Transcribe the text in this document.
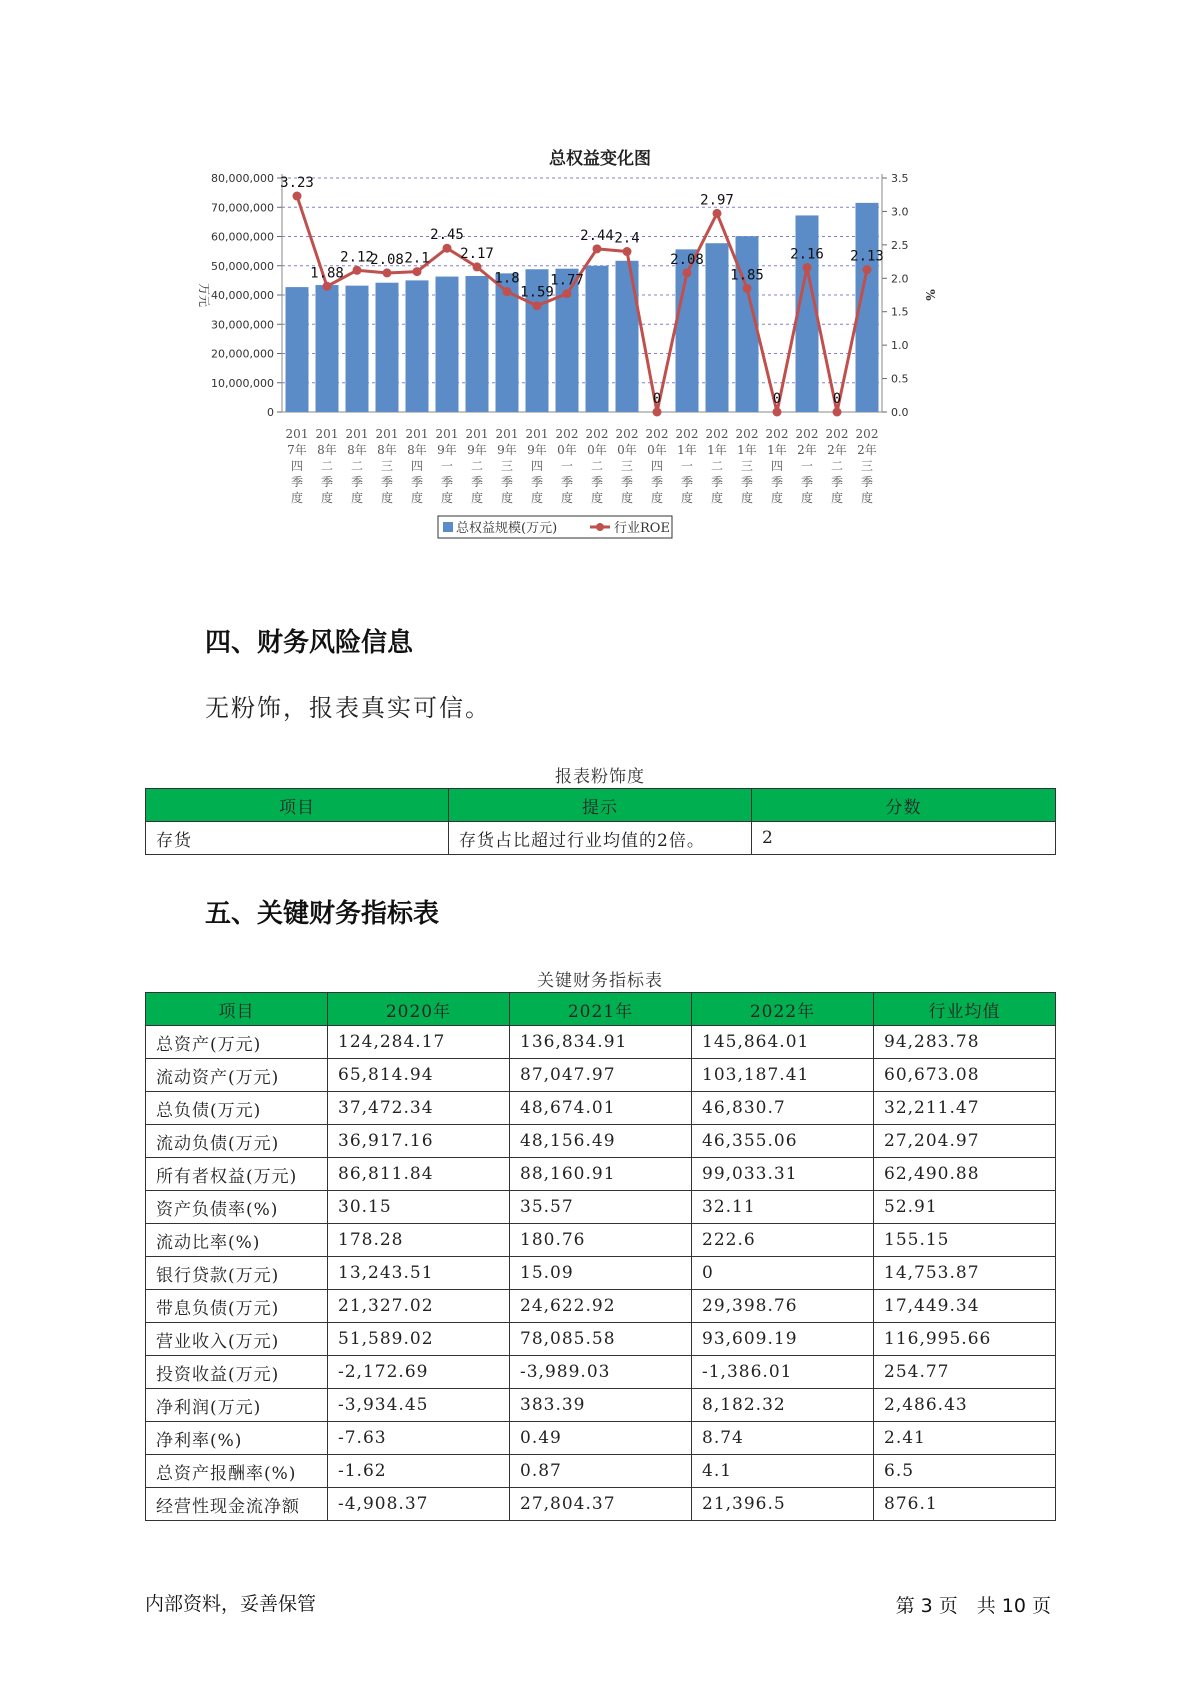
0
10,000,000
20,000,000
30,000,000
40,000,000
50,000,000
60,000,000
70,000,000
80,000,000
0.0
0.5
1.0
1.5
2.0
2.5
3.0
3.5
万元	%
201 7年四季度
201 8年二季度
201 8年二季度
201 8年三季度
201 8年四季度
201 9年一季度
201 9年二季度
201 9年三季度
201 9年四季度
202 0年一季度
202 0年二季度
202 0年三季度
202 0年四季度
202 1年一季度
202 1年二季度
202 1年三季度
202 1年四季度
202 2年一季度
202 2年二季度
202 2年三季度
3.23
1.88
2.12
2.08 2.1
2.45
2.17
1.8
1.59
1.77
2.44 2.4
0
2.08
2.97
1.85
0
2.16
0
2.13
总权益规模(万元)	行业ROE
总权益变化图
四、财务风险信息

无粉饰，报表真实可信。

报表粉饰度
项目	提示	分数
存货	存货占比超过行业均值的2倍。	2
五、关键财务指标表
关键财务指标表
项目	2020年	2021年	2022年	行业均值
总资产(万元)	124,284.17	136,834.91	145,864.01	94,283.78
流动资产(万元)	65,814.94	87,047.97	103,187.41	60,673.08
总负债(万元)	37,472.34	48,674.01	46,830.7	32,211.47
流动负债(万元)	36,917.16	48,156.49	46,355.06	27,204.97
所有者权益(万元)	86,811.84	88,160.91	99,033.31	62,490.88
资产负债率(%)	30.15	35.57	32.11	52.91
流动比率(%)	178.28	180.76	222.6	155.15
银行贷款(万元)	13,243.51	15.09	0	14,753.87
带息负债(万元)	21,327.02	24,622.92	29,398.76	17,449.34
营业收入(万元)	51,589.02	78,085.58	93,609.19	116,995.66
投资收益(万元)	-2,172.69	-3,989.03	-1,386.01	254.77
净利润(万元)	-3,934.45	383.39	8,182.32	2,486.43
净利率(%)	-7.63	0.49	8.74	2.41
总资产报酬率(%)	-1.62	0.87	4.1	6.5
经营性现金流净额	-4,908.37	27,804.37	21,396.5	876.1
内部资料，妥善保管	第 3 页　共 10 页
